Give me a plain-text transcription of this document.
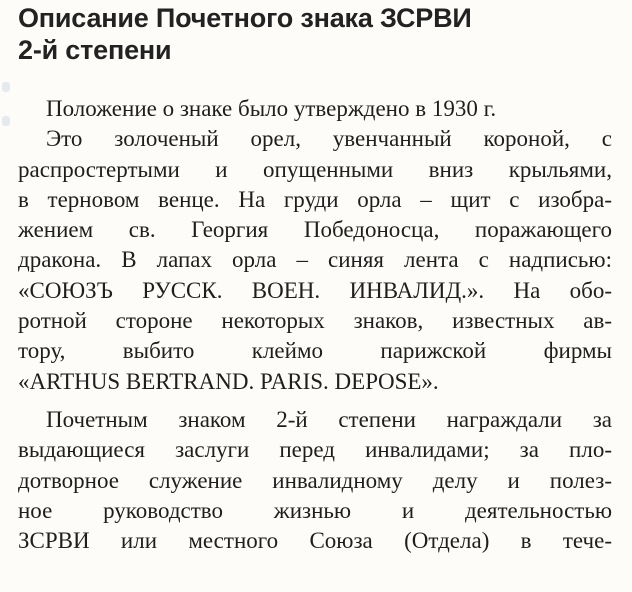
Описание Почетного знака ЗСРВИ
2-й степени
Положение о знаке было утверждено в 1930 г.
Это золоченый орел, увенчанный короной, с
распростертыми и опущенными вниз крыльями,
в терновом венце. На груди орла – щит с изобра-
жением св. Георгия Победоносца, поражающего
дракона. В лапах орла – синяя лента с надписью:
«СОЮЗЪ РУССК. ВОЕН. ИНВАЛИД.». На обо-
ротной стороне некоторых знаков, известных ав-
тору, выбито клеймо парижской фирмы
«ARTHUS BERTRAND. PARIS. DEPOSE».
Почетным знаком 2-й степени награждали за
выдающиеся заслуги перед инвалидами; за пло-
дотворное служение инвалидному делу и полез-
ное руководство жизнью и деятельностью
ЗСРВИ или местного Союза (Отдела) в тече-
